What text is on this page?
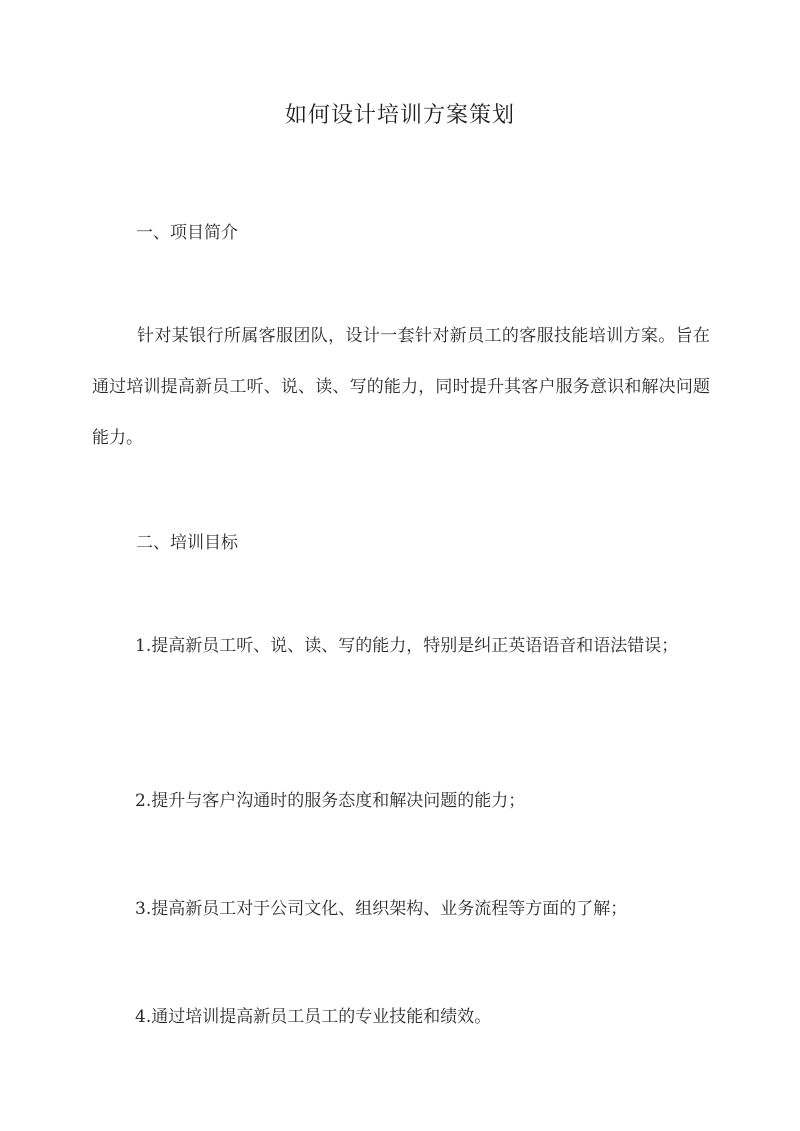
如何设计培训方案策划
一、项目简介
针对某银行所属客服团队，设计一套针对新员工的客服技能培训方案。旨在通过培训提高新员工听、说、读、写的能力，同时提升其客户服务意识和解决问题能力。
二、培训目标
1.提高新员工听、说、读、写的能力，特别是纠正英语语音和语法错误；
2.提升与客户沟通时的服务态度和解决问题的能力；
3.提高新员工对于公司文化、组织架构、业务流程等方面的了解；
4.通过培训提高新员工员工的专业技能和绩效。
